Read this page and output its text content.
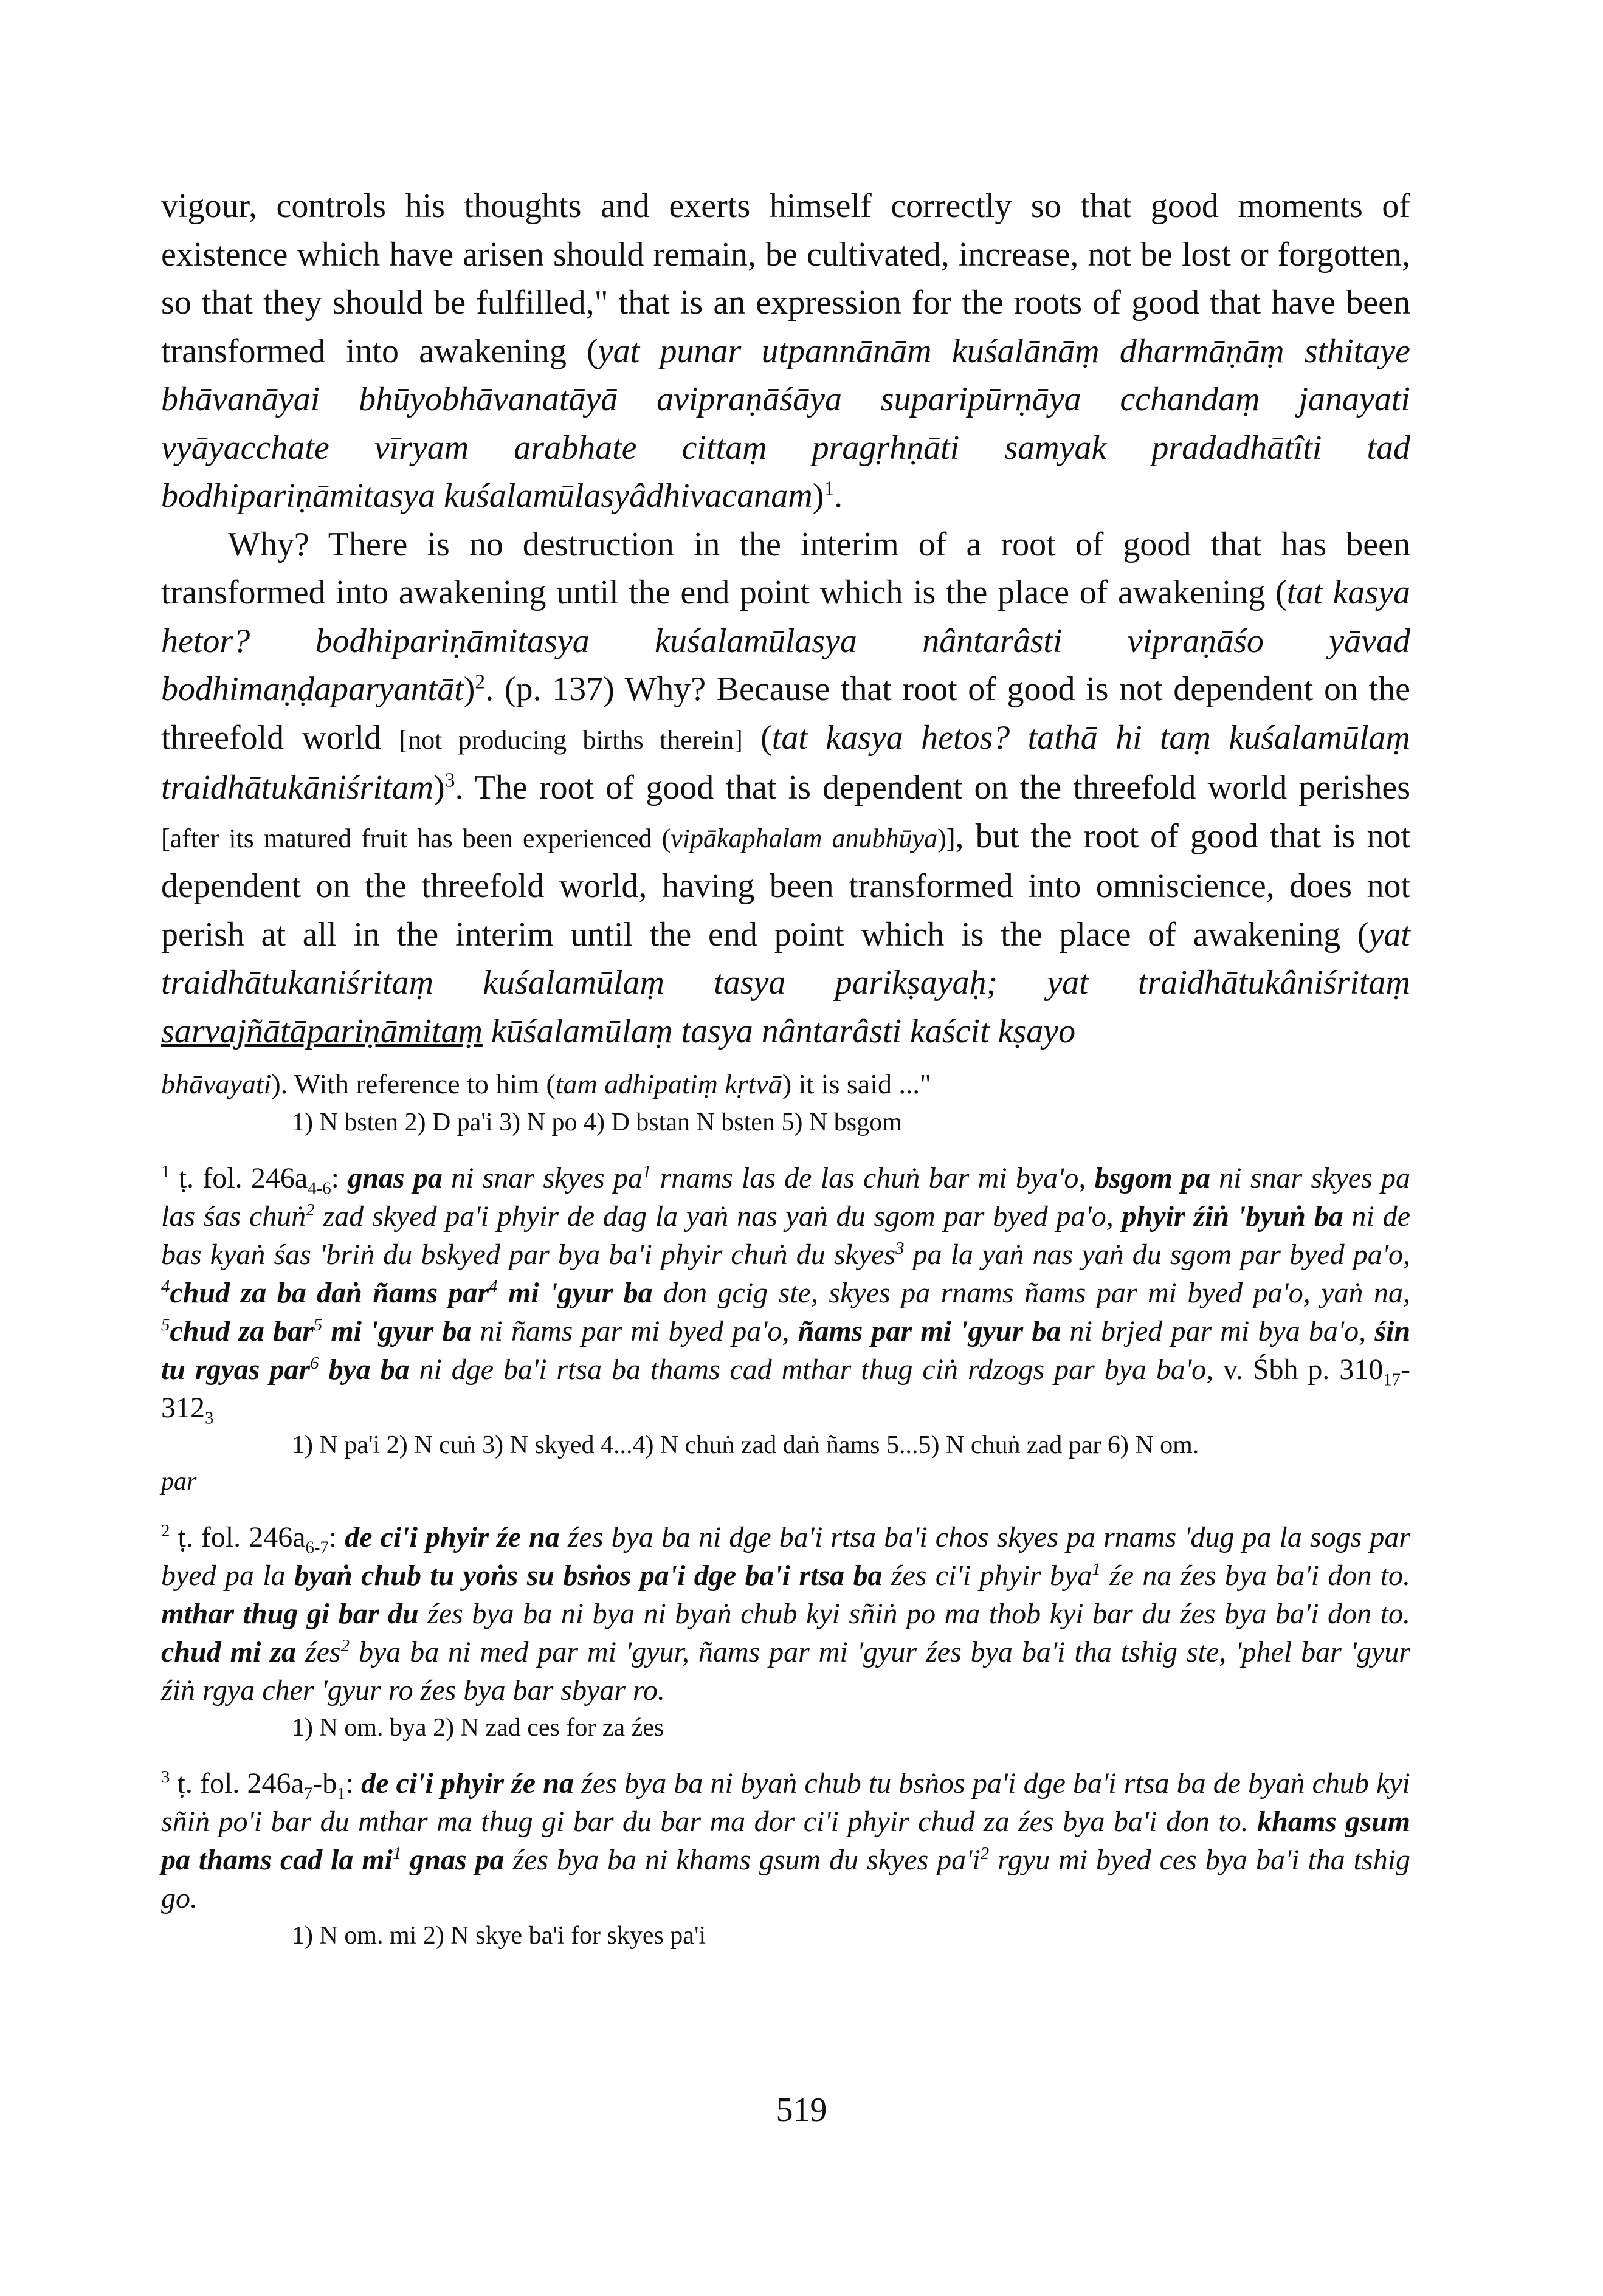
vigour, controls his thoughts and exerts himself correctly so that good moments of existence which have arisen should remain, be cultivated, increase, not be lost or forgotten, so that they should be fulfilled," that is an expression for the roots of good that have been transformed into awakening (yat punar utpannānām kuśalānāṃ dharmāṇāṃ sthitaye bhāvanāyai bhūyobhāvanatāyā avipraṇāśāya suparipūrṇāya cchandaṃ janayati vyāyacchate vīryam arabhate cittaṃ pragṛhṇāti samyak pradadhātîti tad bodhipariṇāmitasya kuśalamūlasyâdhivacanam)$^1$.

Why? There is no destruction in the interim of a root of good that has been transformed into awakening until the end point which is the place of awakening (tat kasya hetor? bodhipariṇāmitasya kuśalamūlasya nântarâsti vipraṇāśo yāvad bodhimaṇḍaparyantāt)$^2$. (p. 137) Why? Because that root of good is not dependent on the threefold world [not producing births therein] (tat kasya hetos? tathā hi taṃ kuśalamūlaṃ traidhātukāniśritam)$^3$. The root of good that is dependent on the threefold world perishes [after its matured fruit has been experienced (vipākaphalam anubhūya)], but the root of good that is not dependent on the threefold world, having been transformed into omniscience, does not perish at all in the interim until the end point which is the place of awakening (yat traidhātukaniśritaṃ kuśalamūlaṃ tasya parikṣayaḥ; yat traidhātukâniśritaṃ sarvajñātāpariṇāmitaṃ kūśalamūlaṃ tasya nântarâsti kaścit kṣayo

bhāvayati). With reference to him (tam adhipatiṃ kṛtvā) it is said ..."

1) N bsten 2) D pa'i 3) N po 4) D bstan N bsten 5) N bsgom

$^1$ ṭ. fol. $246a_{4-6}$: gnas pa ni snar skyes $pa^1$ rnams las de las chuṅ bar mi bya'o, bsgom pa ni snar skyes pa las śas chuṅ$^2$ zad skyed pa'i phyir de dag la yaṅ nas yaṅ du sgom par byed pa'o, phyir źiṅ 'byuṅ ba ni de bas kyaṅ śas 'briṅ du bskyed par bya ba'i phyir chuṅ du skyes$^3$ pa la yaṅ nas yaṅ du sgom par byed pa'o, $^4$chud za ba daṅ ñams par$^4$ mi 'gyur ba don gcig ste, skyes pa rnams ñams par mi byed pa'o, yaṅ na, $^5$chud za bar$^5$ mi 'gyur ba ni ñams par mi byed pa'o, ñams par mi 'gyur ba ni brjed par mi bya ba'o, śin tu rgyas par$^6$ bya ba ni dge ba'i rtsa ba thams cad mthar thug ciṅ rdzogs par bya ba'o, v. Śbh p. $310_{17}-312_3$

1) N pa'i 2) N cuṅ 3) N skyed 4...4) N chuṅ zad daṅ ñams 5...5) N chuṅ zad par 6) N om.

par

$^2$ ṭ. fol. $246a_{6-7}$: de ci'i phyir źe na źes bya ba ni dge ba'i rtsa ba'i chos skyes pa rnams 'dug pa la sogs par byed pa la byaṅ chub tu yoṅs su bsṅos pa'i dge ba'i rtsa ba źes ci'i phyir bya$^1$ źe na źes bya ba'i don to. mthar thug gi bar du źes bya ba ni bya ni byaṅ chub kyi sñiṅ po ma thob kyi bar du źes bya ba'i don to. chud mi za źes$^2$ bya ba ni med par mi 'gyur, ñams par mi 'gyur źes bya ba'i tha tshig ste, 'phel bar 'gyur źiṅ rgya cher 'gyur ro źes bya bar sbyar ro.

1) N om. bya 2) N zad ces for za źes

$^3$ ṭ. fol. $246a_7-b_1$: de ci'i phyir źe na źes bya ba ni byaṅ chub tu bsṅos pa'i dge ba'i rtsa ba de byaṅ chub kyi sñiṅ po'i bar du mthar ma thug gi bar du bar ma dor ci'i phyir chud za źes bya ba'i don to. khams gsum pa thams cad la $mi^1$ gnas pa źes bya ba ni khams gsum du skyes $pa'i^2$ rgyu mi byed ces bya ba'i tha tshig go.

1) N om. mi 2) N skye ba'i for skyes pa'i

519
